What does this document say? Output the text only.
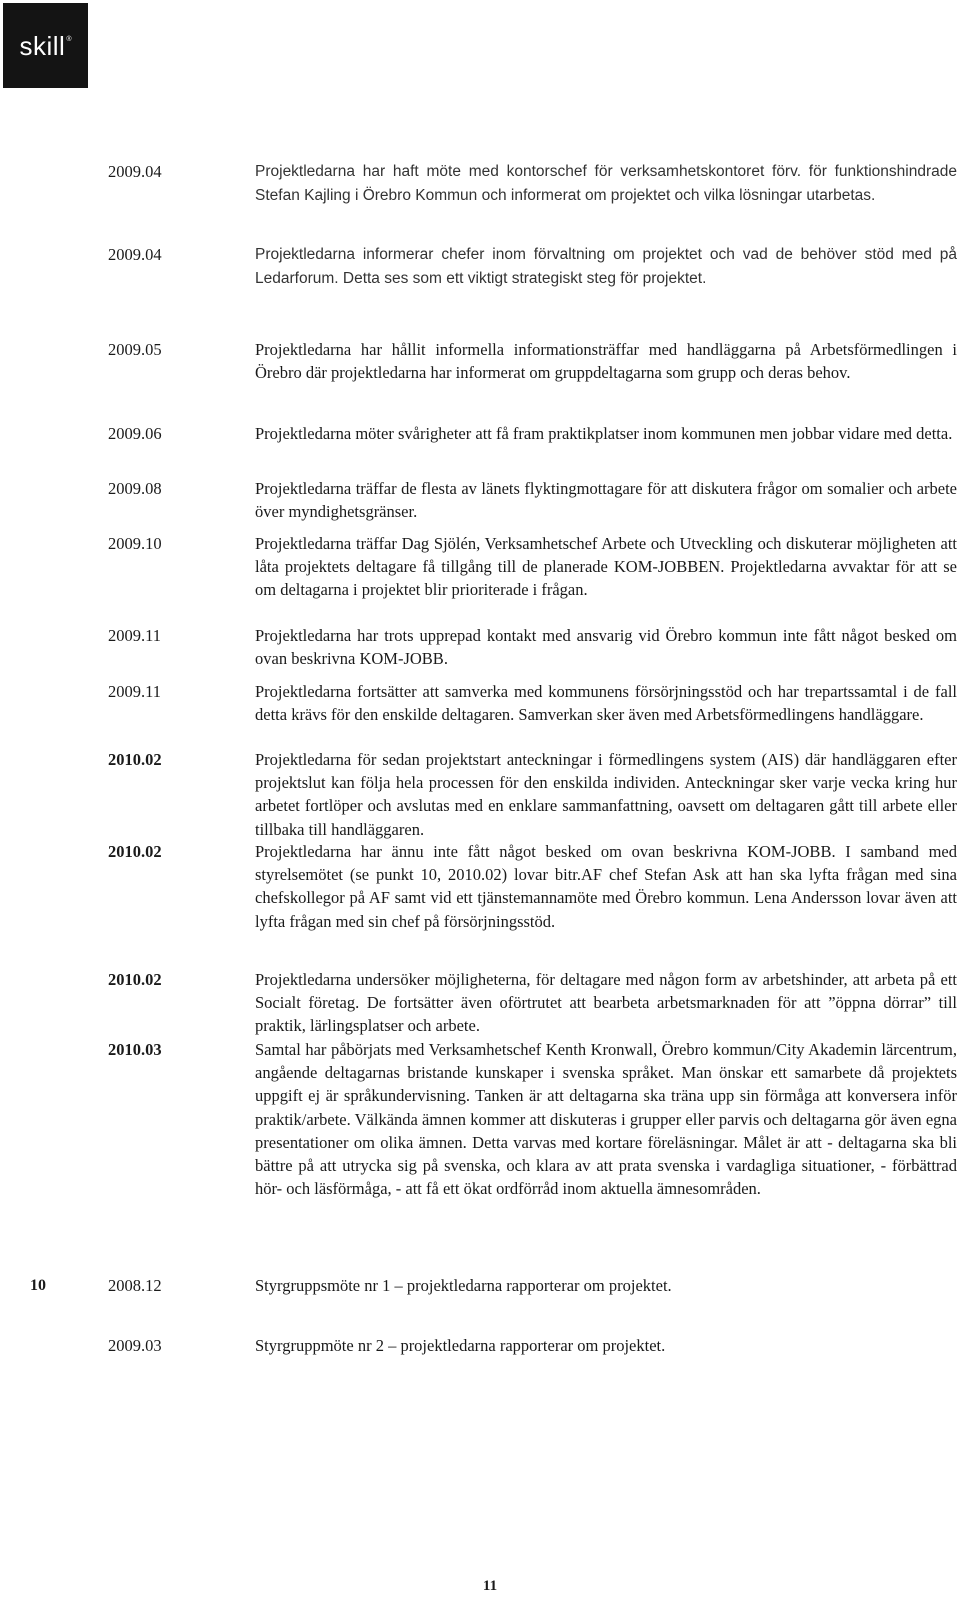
skill ®
2009.04	Projektledarna har haft möte med kontorschef för verksamhetskontoret förv. för funktionshindrade Stefan Kajling i Örebro Kommun och informerat om projektet och vilka lösningar utarbetas.
2009.04	Projektledarna informerar chefer inom förvaltning om projektet och vad de behöver stöd med på Ledarforum. Detta ses som ett viktigt strategiskt steg för projektet.
2009.05	Projektledarna har hållit informella informationsträffar med handläggarna på Arbetsförmedlingen i Örebro där projektledarna har informerat om gruppdeltagarna som grupp och deras behov.
2009.06	Projektledarna möter svårigheter att få fram praktikplatser inom kommunen men jobbar vidare med detta.
2009.08	Projektledarna träffar de flesta av länets flyktingmottagare för att diskutera frågor om somalier och arbete över myndighetsgränser.
2009.10	Projektledarna träffar Dag Sjölén, Verksamhetschef Arbete och Utveckling och diskuterar möjligheten att låta projektets deltagare få tillgång till de planerade KOM-JOBBEN. Projektledarna avvaktar för att se om deltagarna i projektet blir prioriterade i frågan.
2009.11	Projektledarna har trots upprepad kontakt med ansvarig vid Örebro kommun inte fått något besked om ovan beskrivna KOM-JOBB.
2009.11	Projektledarna fortsätter att samverka med kommunens försörjningsstöd och har trepartssamtal i de fall detta krävs för den enskilde deltagaren. Samverkan sker även med Arbetsförmedlingens handläggare.
2010.02	Projektledarna för sedan projektstart anteckningar i förmedlingens system (AIS) där handläggaren efter projektslut kan följa hela processen för den enskilda individen. Anteckningar sker varje vecka kring hur arbetet fortlöper och avslutas med en enklare sammanfattning, oavsett om deltagaren gått till arbete eller tillbaka till handläggaren.
2010.02	Projektledarna har ännu inte fått något besked om ovan beskrivna KOM-JOBB. I samband med styrelsemötet (se punkt 10, 2010.02) lovar bitr.AF chef Stefan Ask att han ska lyfta frågan med sina chefskollegor på AF samt vid ett tjänstemannamöte med Örebro kommun. Lena Andersson lovar även att lyfta frågan med sin chef på försörjningsstöd.
2010.02	Projektledarna undersöker möjligheterna, för deltagare med någon form av arbetshinder, att arbeta på ett Socialt företag. De fortsätter även oförtrutet att bearbeta arbetsmarknaden för att ”öppna dörrar” till praktik, lärlingsplatser och arbete.
2010.03	Samtal har påbörjats med Verksamhetschef Kenth Kronwall, Örebro kommun/City Akademin lärcentrum, angående deltagarnas bristande kunskaper i svenska språket. Man önskar ett samarbete då projektets uppgift ej är språkundervisning. Tanken är att deltagarna ska träna upp sin förmåga att konversera inför praktik/arbete. Välkända ämnen kommer att diskuteras i grupper eller parvis och deltagarna gör även egna presentationer om olika ämnen. Detta varvas med kortare föreläsningar. Målet är att - deltagarna ska bli bättre på att utrycka sig på svenska, och klara av att prata svenska i vardagliga situationer, - förbättrad hör- och läsförmåga, - att få ett ökat ordförråd inom aktuella ämnesområden.
10	2008.12	Styrgruppsmöte nr 1 – projektledarna rapporterar om projektet.
2009.03	Styrgruppmöte nr 2 – projektledarna rapporterar om projektet.
11
